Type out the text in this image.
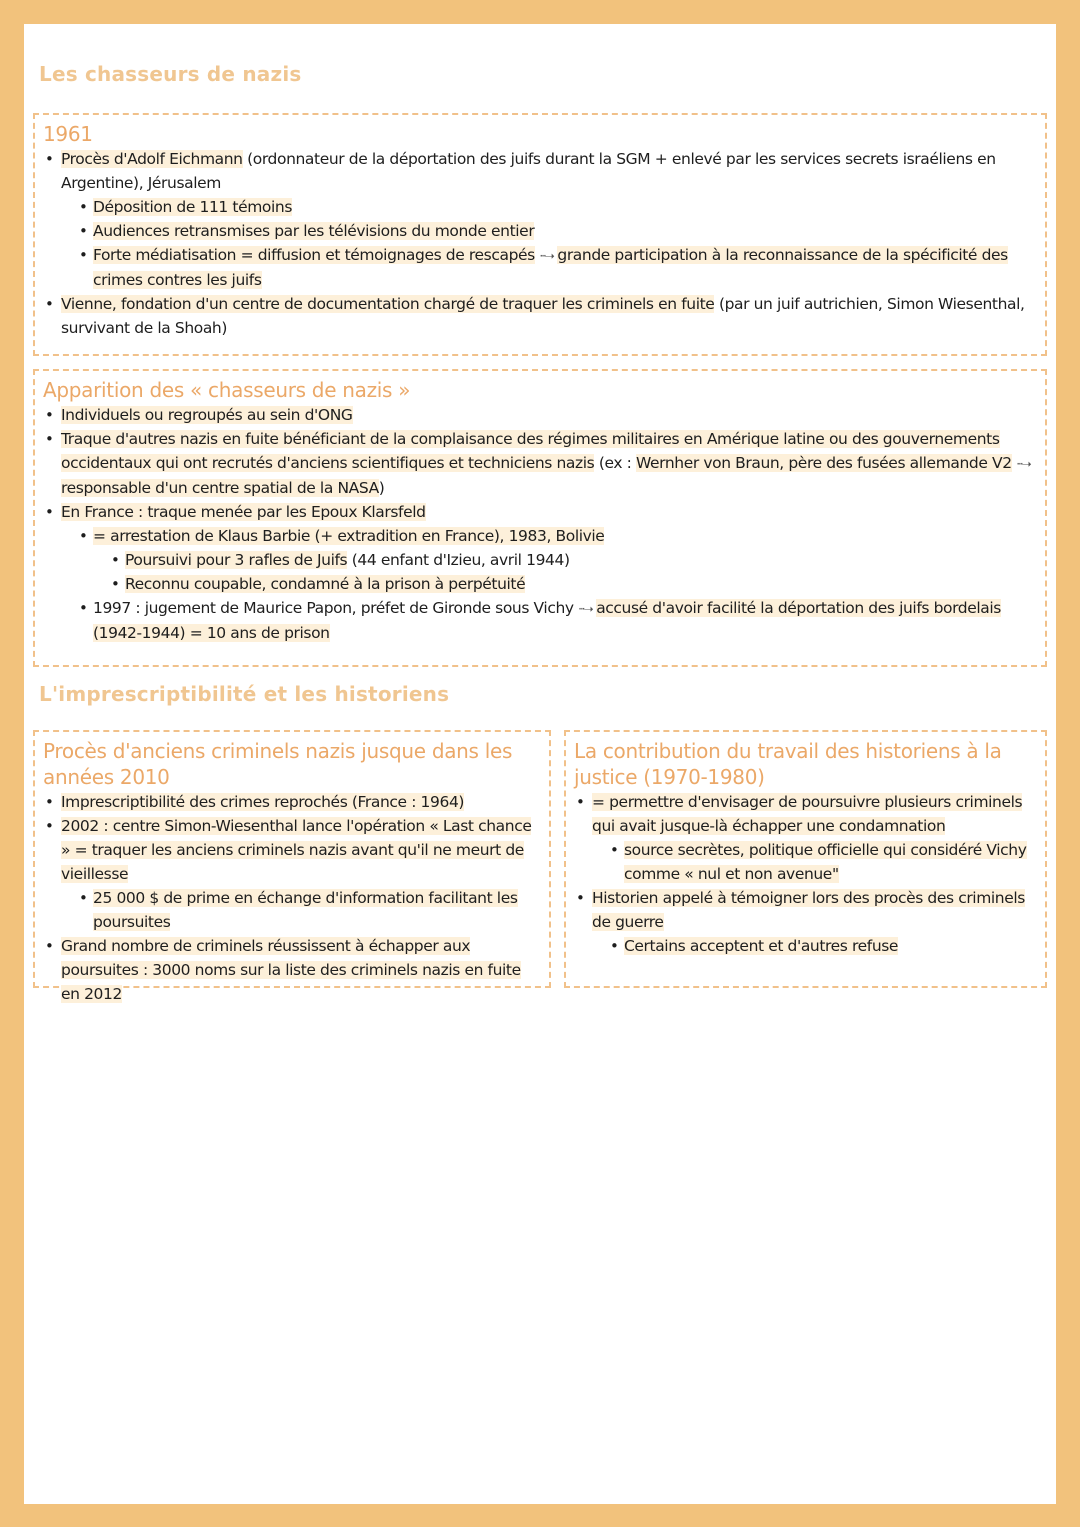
Les chasseurs de nazis
1961
• Procès d'Adolf Eichmann (ordonnateur de la déportation des juifs durant la SGM + enlevé par les services secrets israéliens en Argentine), Jérusalem
• Déposition de 111 témoins
• Audiences retransmises par les télévisions du monde entier
• Forte médiatisation = diffusion et témoignages de rescapés ···➝ grande participation à la reconnaissance de la spécificité des crimes contres les juifs
• Vienne, fondation d'un centre de documentation chargé de traquer les criminels en fuite (par un juif autrichien, Simon Wiesenthal, survivant de la Shoah)
Apparition des « chasseurs de nazis »
• Individuels ou regroupés au sein d'ONG
• Traque d'autres nazis en fuite bénéficiant de la complaisance des régimes militaires en Amérique latine ou des gouvernements occidentaux qui ont recrutés d'anciens scientifiques et techniciens nazis (ex : Wernher von Braun, père des fusées allemande V2 ···➝ responsable d'un centre spatial de la NASA)
• En France : traque menée par les Epoux Klarsfeld
• = arrestation de Klaus Barbie (+ extradition en France), 1983, Bolivie
• Poursuivi pour 3 rafles de Juifs (44 enfant d'Izieu, avril 1944)
• Reconnu coupable, condamné à la prison à perpétuité
• 1997 : jugement de Maurice Papon, préfet de Gironde sous Vichy ···➝ accusé d'avoir facilité la déportation des juifs bordelais (1942-1944) = 10 ans de prison
L'imprescriptibilité et les historiens
Procès d'anciens criminels nazis jusque dans les années 2010
• Imprescriptibilité des crimes reprochés (France : 1964)
• 2002 : centre Simon-Wiesenthal lance l'opération « Last chance » = traquer les anciens criminels nazis avant qu'il ne meurt de vieillesse
• 25 000 $ de prime en échange d'information facilitant les poursuites
• Grand nombre de criminels réussissent à échapper aux poursuites : 3000 noms sur la liste des criminels nazis en fuite en 2012
La contribution du travail des historiens à la justice (1970-1980)
• = permettre d'envisager de poursuivre plusieurs criminels qui avait jusque-là échapper une condamnation
• source secrètes, politique officielle qui considéré Vichy comme « nul et non avenue"
• Historien appelé à témoigner lors des procès des criminels de guerre
• Certains acceptent et d'autres refuse
